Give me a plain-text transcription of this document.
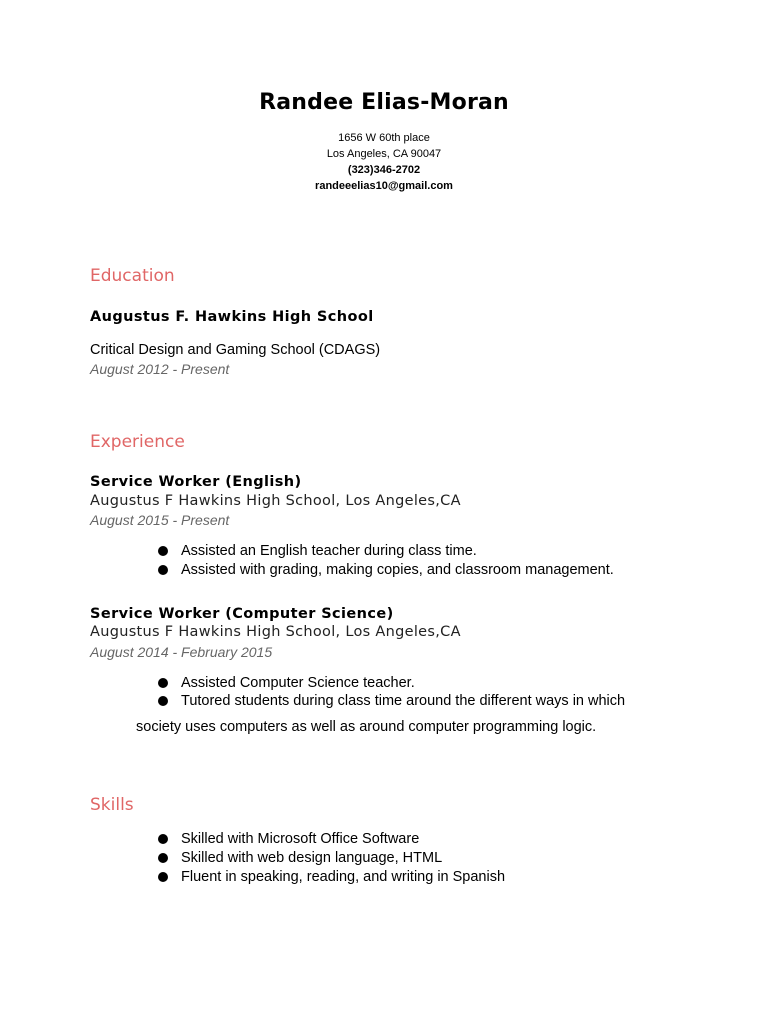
Randee Elias-Moran
1656 W 60th place
Los Angeles, CA 90047
(323)346-2702
randeeelias10@gmail.com
Education
Augustus F. Hawkins High School
Critical Design and Gaming School (CDAGS)
August 2012 - Present
Experience
Service Worker (English)
Augustus F Hawkins High School, Los Angeles,CA
August 2015 - Present
Assisted an English teacher during class time.
Assisted with grading, making copies, and classroom management.
Service Worker (Computer Science)
Augustus F Hawkins High School, Los Angeles,CA
August 2014 - February 2015
Assisted Computer Science teacher.
Tutored students during class time around the different ways in which
society uses computers as well as around computer programming logic.
Skills
Skilled with Microsoft Office Software
Skilled with web design language, HTML
Fluent in speaking, reading, and writing in Spanish
